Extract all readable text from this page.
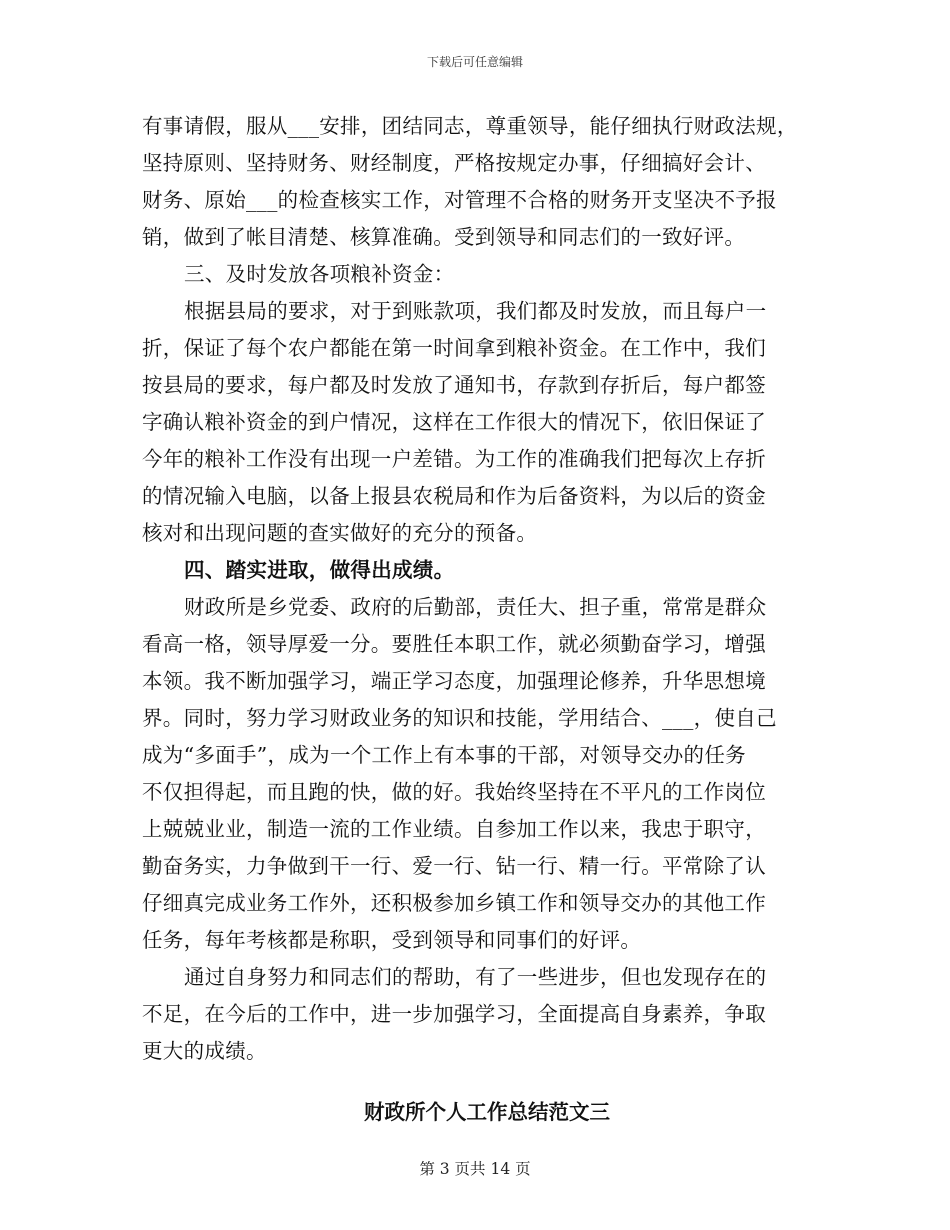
下载后可任意编辑
有事请假，服从___安排，团结同志，尊重领导，能仔细执行财政法规，
坚持原则、坚持财务、财经制度，严格按规定办事，仔细搞好会计、
财务、原始___的检查核实工作，对管理不合格的财务开支坚决不予报
销，做到了帐目清楚、核算准确。受到领导和同志们的一致好评。
三、及时发放各项粮补资金：
根据县局的要求，对于到账款项，我们都及时发放，而且每户一
折，保证了每个农户都能在第一时间拿到粮补资金。在工作中，我们
按县局的要求，每户都及时发放了通知书，存款到存折后，每户都签
字确认粮补资金的到户情况，这样在工作很大的情况下，依旧保证了
今年的粮补工作没有出现一户差错。为工作的准确我们把每次上存折
的情况输入电脑，以备上报县农税局和作为后备资料，为以后的资金
核对和出现问题的查实做好的充分的预备。
四、踏实进取，做得出成绩。
财政所是乡党委、政府的后勤部，责任大、担子重，常常是群众
看高一格，领导厚爱一分。要胜任本职工作，就必须勤奋学习，增强
本领。我不断加强学习，端正学习态度，加强理论修养，升华思想境
界。同时，努力学习财政业务的知识和技能，学用结合、___，使自己
成为“多面手”，成为一个工作上有本事的干部，对领导交办的任务
不仅担得起，而且跑的快，做的好。我始终坚持在不平凡的工作岗位
上兢兢业业，制造一流的工作业绩。自参加工作以来，我忠于职守，
勤奋务实，力争做到干一行、爱一行、钻一行、精一行。平常除了认
仔细真完成业务工作外，还积极参加乡镇工作和领导交办的其他工作
任务，每年考核都是称职，受到领导和同事们的好评。
通过自身努力和同志们的帮助，有了一些进步，但也发现存在的
不足，在今后的工作中，进一步加强学习，全面提高自身素养，争取
更大的成绩。
财政所个人工作总结范文三
第 3 页共 14 页
